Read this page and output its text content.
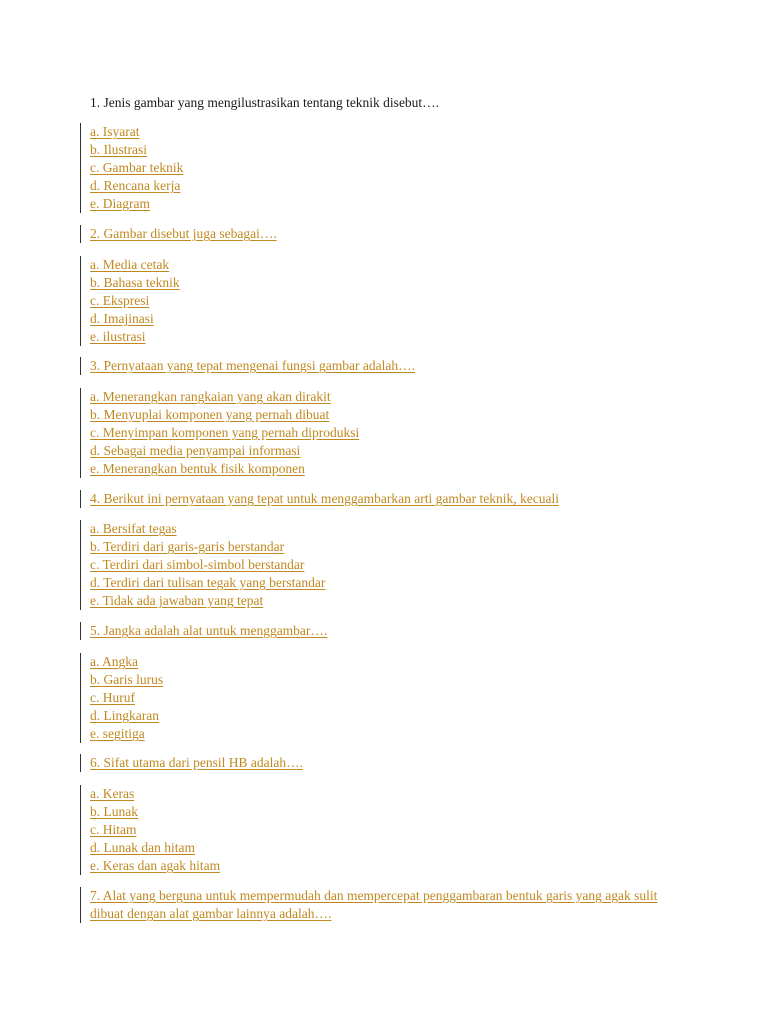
1. Jenis gambar yang mengilustrasikan tentang teknik disebut….
a. Isyarat
b. Ilustrasi
c. Gambar teknik
d. Rencana kerja
e. Diagram
2. Gambar disebut juga sebagai….
a. Media cetak
b. Bahasa teknik
c. Ekspresi
d. Imajinasi
e. ilustrasi
3. Pernyataan yang tepat mengenai fungsi gambar adalah….
a. Menerangkan rangkaian yang akan dirakit
b. Menyuplai komponen yang pernah dibuat
c. Menyimpan komponen yang pernah diproduksi
d. Sebagai media penyampai informasi
e. Menerangkan bentuk fisik komponen
4. Berikut ini pernyataan yang tepat untuk menggambarkan arti gambar teknik, kecuali
a. Bersifat tegas
b. Terdiri dari garis-garis berstandar
c. Terdiri dari simbol-simbol berstandar
d. Terdiri dari tulisan tegak yang berstandar
e. Tidak ada jawaban yang tepat
5. Jangka adalah alat untuk menggambar….
a. Angka
b. Garis lurus
c. Huruf
d. Lingkaran
e. segitiga
6. Sifat utama dari pensil HB adalah….
a. Keras
b. Lunak
c. Hitam
d. Lunak dan hitam
e. Keras dan agak hitam
7. Alat yang berguna untuk mempermudah dan mempercepat penggambaran bentuk garis yang agak sulit dibuat dengan alat gambar lainnya adalah….
